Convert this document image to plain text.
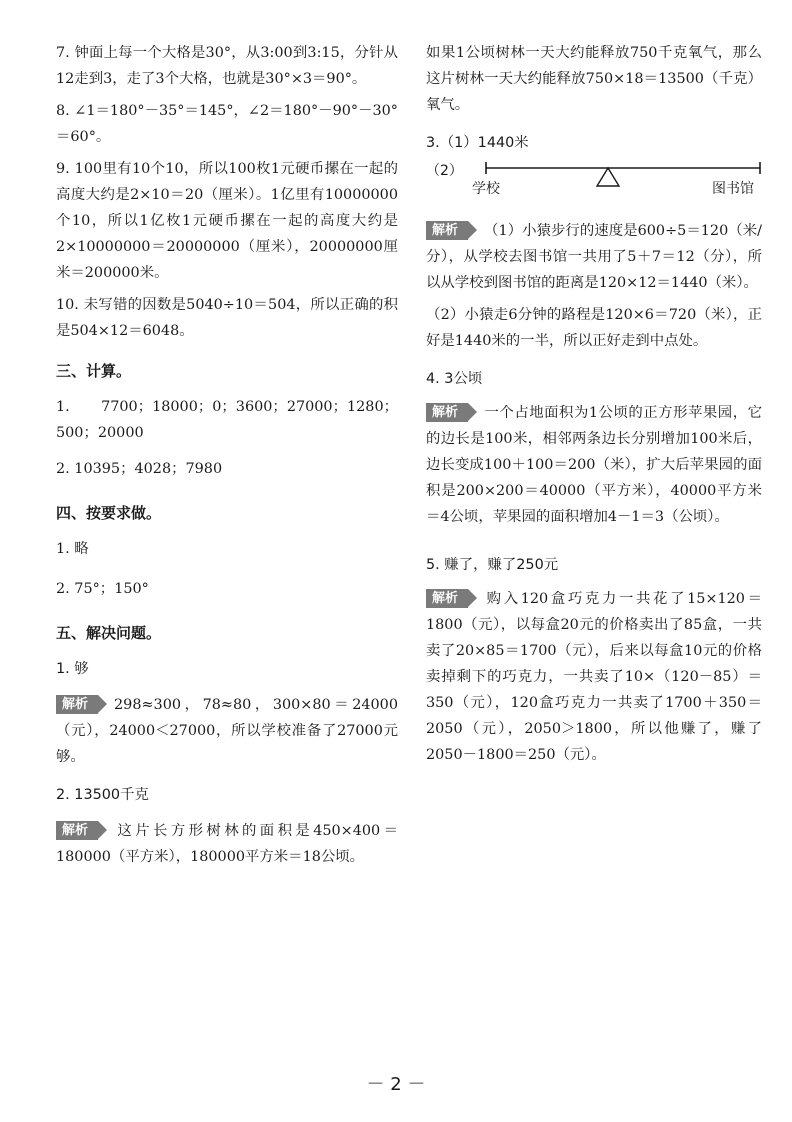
7. 钟面上每一个大格是30°，从3:00到3:15，分针从12走到3，走了3个大格，也就是30°×3＝90°。

8. ∠1＝180°－35°＝145°，∠2＝180°－90°－30°＝60°。

9. 100里有10个10，所以100枚1元硬币摞在一起的高度大约是2×10＝20（厘米）。1亿里有10000000个10，所以1亿枚1元硬币摞在一起的高度大约是2×10000000＝20000000（厘米），20000000厘米＝200000米。

10. 未写错的因数是5040÷10＝504，所以正确的积是504×12＝6048。

三、计算。

1. 7700；18000；0；3600；27000；1280；500；20000

2. 10395；4028；7980

四、按要求做。

1. 略

2. 75°；150°

五、解决问题。

1. 够

解析 298≈300，78≈80，300×80＝24000（元），24000＜27000，所以学校准备了27000元够。

2. 13500千克

解析 这片长方形树林的面积是450×400＝180000（平方米），180000平方米＝18公顷。

如果1公顷树林一天大约能释放750千克氧气，那么这片树林一天大约能释放750×18＝13500（千克）氧气。

3.（1）1440米

（2）
学校	图书馆

解析 （1）小猿步行的速度是600÷5＝120（米/分），从学校去图书馆一共用了5＋7＝12（分），所以从学校到图书馆的距离是120×12＝1440（米）。

（2）小猿走6分钟的路程是120×6＝720（米），正好是1440米的一半，所以正好走到中点处。

4. 3公顷

解析 一个占地面积为1公顷的正方形苹果园，它的边长是100米，相邻两条边长分别增加100米后，边长变成100＋100＝200（米），扩大后苹果园的面积是200×200＝40000（平方米），40000平方米＝4公顷，苹果园的面积增加4－1＝3（公顷）。

5. 赚了，赚了250元

解析 购入120盒巧克力一共花了15×120＝1800（元），以每盒20元的价格卖出了85盒，一共卖了20×85＝1700（元），后来以每盒10元的价格卖掉剩下的巧克力，一共卖了10×（120－85）＝350（元），120盒巧克力一共卖了1700＋350＝2050（元），2050＞1800，所以他赚了，赚了2050－1800＝250（元）。

－ 2 －
